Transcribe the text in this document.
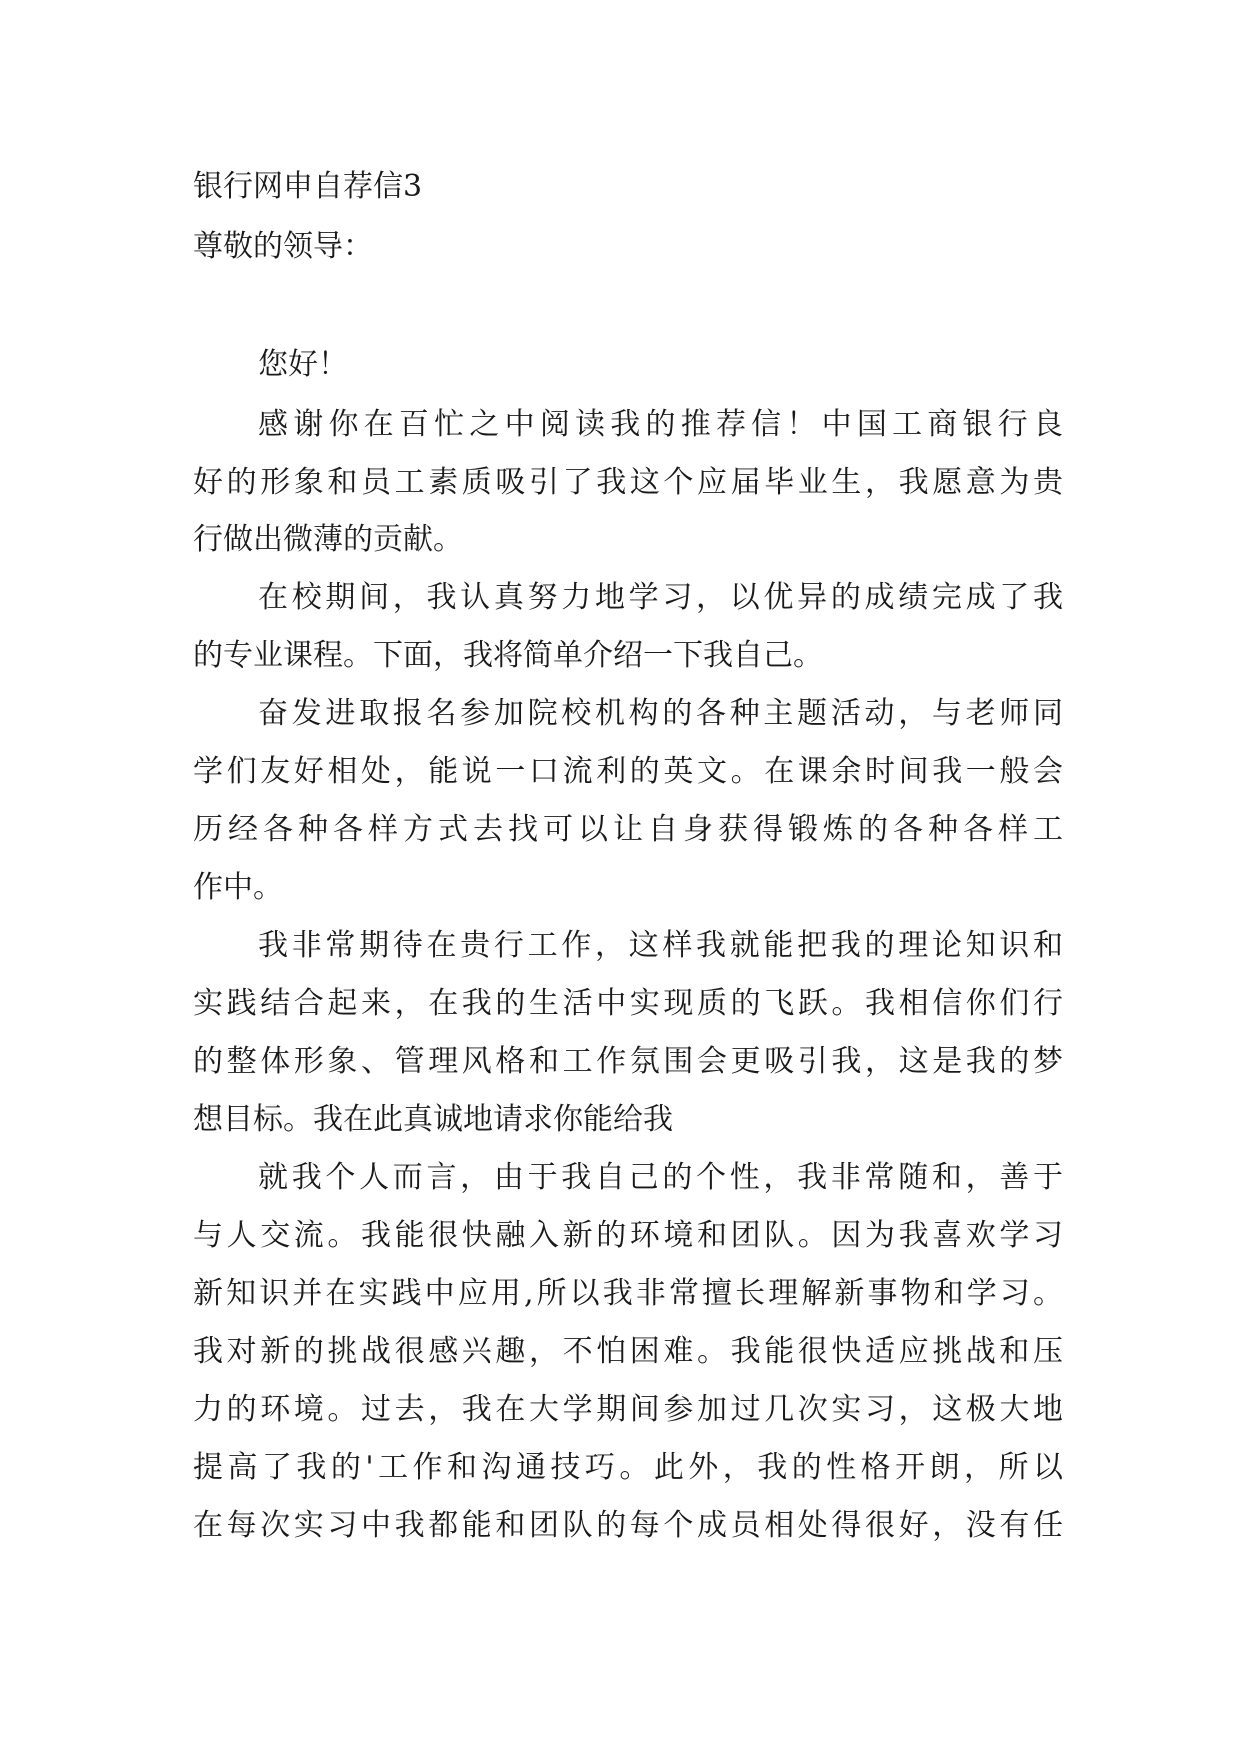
银行网申自荐信3
尊敬的领导：
您好！
感谢你在百忙之中阅读我的推荐信！中国工商银行良
好的形象和员工素质吸引了我这个应届毕业生，我愿意为贵
行做出微薄的贡献。
在校期间，我认真努力地学习，以优异的成绩完成了我
的专业课程。下面，我将简单介绍一下我自己。
奋发进取报名参加院校机构的各种主题活动，与老师同
学们友好相处，能说一口流利的英文。在课余时间我一般会
历经各种各样方式去找可以让自身获得锻炼的各种各样工
作中。
我非常期待在贵行工作，这样我就能把我的理论知识和
实践结合起来，在我的生活中实现质的飞跃。我相信你们行
的整体形象、管理风格和工作氛围会更吸引我，这是我的梦
想目标。我在此真诚地请求你能给我
就我个人而言，由于我自己的个性，我非常随和，善于
与人交流。我能很快融入新的环境和团队。因为我喜欢学习
新知识并在实践中应用,所以我非常擅长理解新事物和学习。
我对新的挑战很感兴趣，不怕困难。我能很快适应挑战和压
力的环境。过去，我在大学期间参加过几次实习，这极大地
提高了我的'工作和沟通技巧。此外，我的性格开朗，所以
在每次实习中我都能和团队的每个成员相处得很好，没有任
